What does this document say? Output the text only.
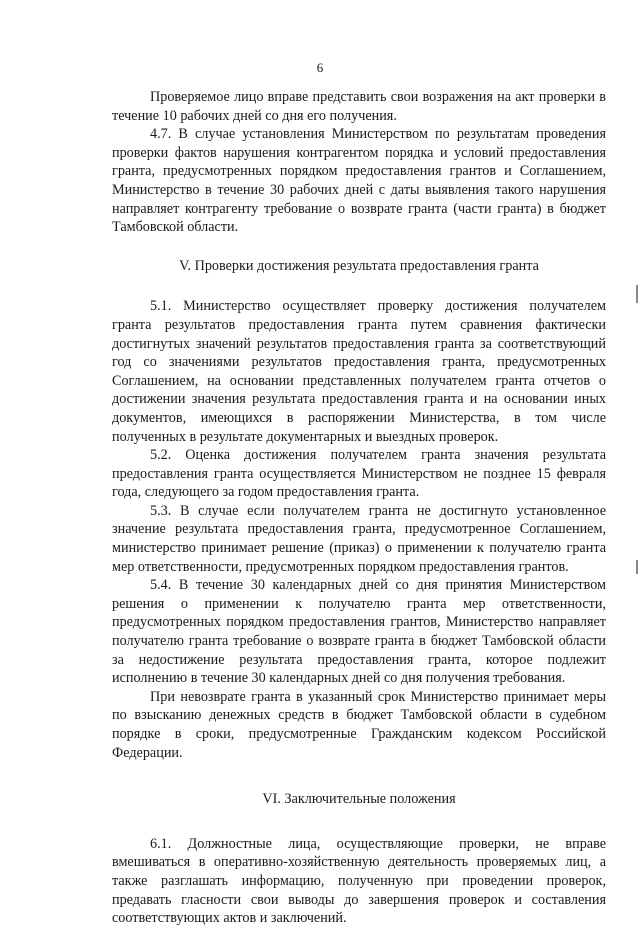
6

Проверяемое лицо вправе представить свои возражения на акт проверки в течение 10 рабочих дней со дня его получения.

4.7. В случае установления Министерством по результатам проведения проверки фактов нарушения контрагентом порядка и условий предоставления гранта, предусмотренных порядком предоставления грантов и Соглашением, Министерство в течение 30 рабочих дней с даты выявления такого нарушения направляет контрагенту требование о возврате гранта (части гранта) в бюджет Тамбовской области.

V. Проверки достижения результата предоставления гранта

5.1. Министерство осуществляет проверку достижения получателем гранта результатов предоставления гранта путем сравнения фактически достигнутых значений результатов предоставления гранта за соответствующий год со значениями результатов предоставления гранта, предусмотренных Соглашением, на основании представленных получателем гранта отчетов о достижении значения результата предоставления гранта и на основании иных документов, имеющихся в распоряжении Министерства, в том числе полученных в результате документарных и выездных проверок.

5.2. Оценка достижения получателем гранта значения результата предоставления гранта осуществляется Министерством не позднее 15 февраля года, следующего за годом предоставления гранта.

5.3. В случае если получателем гранта не достигнуто установленное значение результата предоставления гранта, предусмотренное Соглашением, министерство принимает решение (приказ) о применении к получателю гранта мер ответственности, предусмотренных порядком предоставления грантов.

5.4. В течение 30 календарных дней со дня принятия Министерством решения о применении к получателю гранта мер ответственности, предусмотренных порядком предоставления грантов, Министерство направляет получателю гранта требование о возврате гранта в бюджет Тамбовской области за недостижение результата предоставления гранта, которое подлежит исполнению в течение 30 календарных дней со дня получения требования.

При невозврате гранта в указанный срок Министерство принимает меры по взысканию денежных средств в бюджет Тамбовской области в судебном порядке в сроки, предусмотренные Гражданским кодексом Российской Федерации.

VI. Заключительные положения

6.1. Должностные лица, осуществляющие проверки, не вправе вмешиваться в оперативно-хозяйственную деятельность проверяемых лиц, а также разглашать информацию, полученную при проведении проверок, предавать гласности свои выводы до завершения проверок и составления соответствующих актов и заключений.
